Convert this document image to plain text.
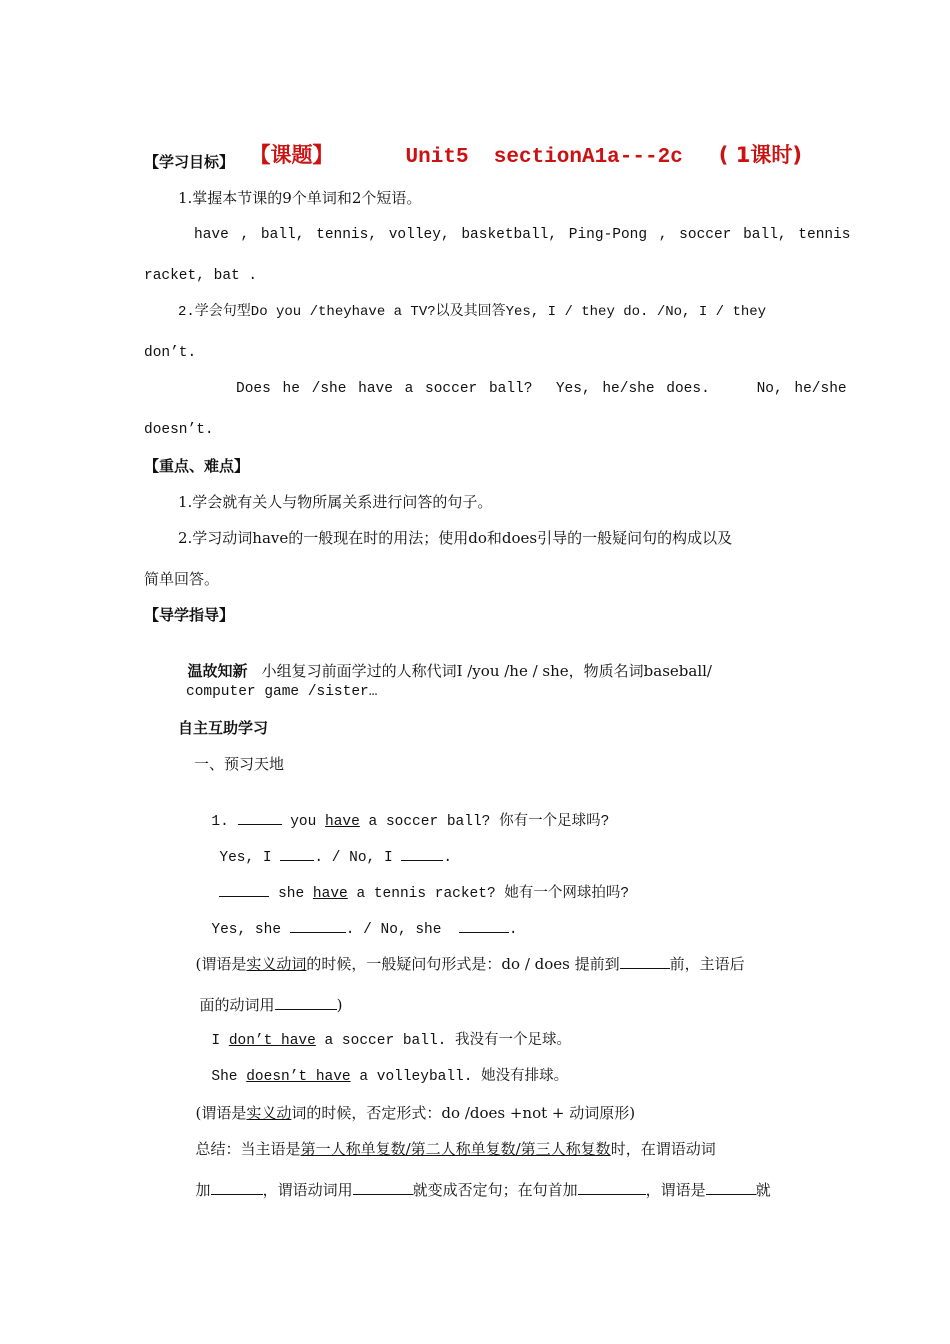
【课题】	Unit5  sectionA1a---2c ( 1课时)

【学习目标】
1.掌握本节课的9个单词和2个短语。
have , ball, tennis, volley, basketball, Ping-Pong , soccer ball, tennis
racket, bat .
2.学会句型Do you /theyhave a TV?以及其回答Yes, I / they do. /No, I / they
don’t.
Does he /she have a soccer ball?  Yes, he/she does.    No, he/she
doesn’t.
【重点、难点】
1.学会就有关人与物所属关系进行问答的句子。
2.学习动词have的一般现在时的用法；使用do和does引导的一般疑问句的构成以及
简单回答。
【导学指导】

温故知新 小组复习前面学过的人称代词I /you /he / she，物质名词baseball/

computer game /sister…
自主互助学习
一、预习天地

1.	you have a soccer ball? 你有一个足球吗?

Yes, I	. / No, I	.

she have a tennis racket? 她有一个网球拍吗?

Yes, she	. / No, she	.

(谓语是实义动词的时候，一般疑问句形式是：do / does 提前到	前，主语后

面的动词用	)

I don’t have a soccer ball. 我没有一个足球。

She doesn’t have a volleyball. 她没有排球。

(谓语是实义动词的时候，否定形式：do /does +not + 动词原形)

总结：当主语是第一人称单复数/第二人称单复数/第三人称复数时，在谓语动词

加	，谓语动词用	就变成否定句；在句首加	，谓语是	就
